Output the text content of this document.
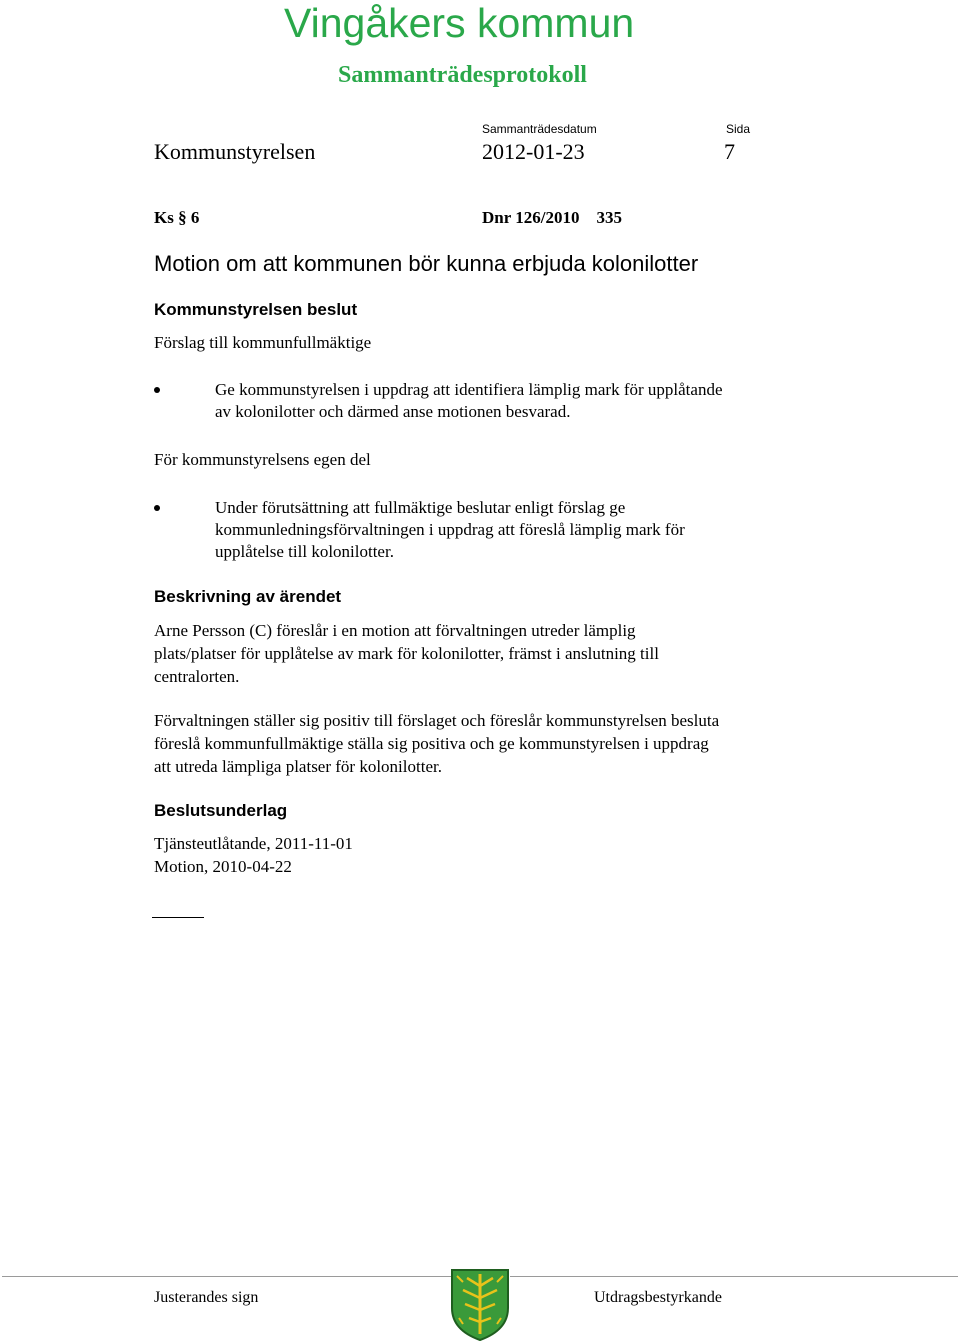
Vingåkers kommun
Sammanträdesprotokoll
Sammanträdesdatum	Sida
Kommunstyrelsen	2012-01-23	7
Ks § 6	Dnr 126/2010    335
Motion om att kommunen bör kunna erbjuda kolonilotter
Kommunstyrelsen beslut
Förslag till kommunfullmäktige
Ge kommunstyrelsen i uppdrag att identifiera lämplig mark för upplåtande
av kolonilotter och därmed anse motionen besvarad.
För kommunstyrelsens egen del
Under förutsättning att fullmäktige beslutar enligt förslag ge
kommunledningsförvaltningen i uppdrag att föreslå lämplig mark för
upplåtelse till kolonilotter.
Beskrivning av ärendet
Arne Persson (C) föreslår i en motion att förvaltningen utreder lämplig
plats/platser för upplåtelse av mark för kolonilotter, främst i anslutning till
centralorten.
Förvaltningen ställer sig positiv till förslaget och föreslår kommunstyrelsen besluta
föreslå kommunfullmäktige ställa sig positiva och ge kommunstyrelsen i uppdrag
att utreda lämpliga platser för kolonilotter.
Beslutsunderlag
Tjänsteutlåtande, 2011-11-01
Motion, 2010-04-22
Justerandes sign	Utdragsbestyrkande
